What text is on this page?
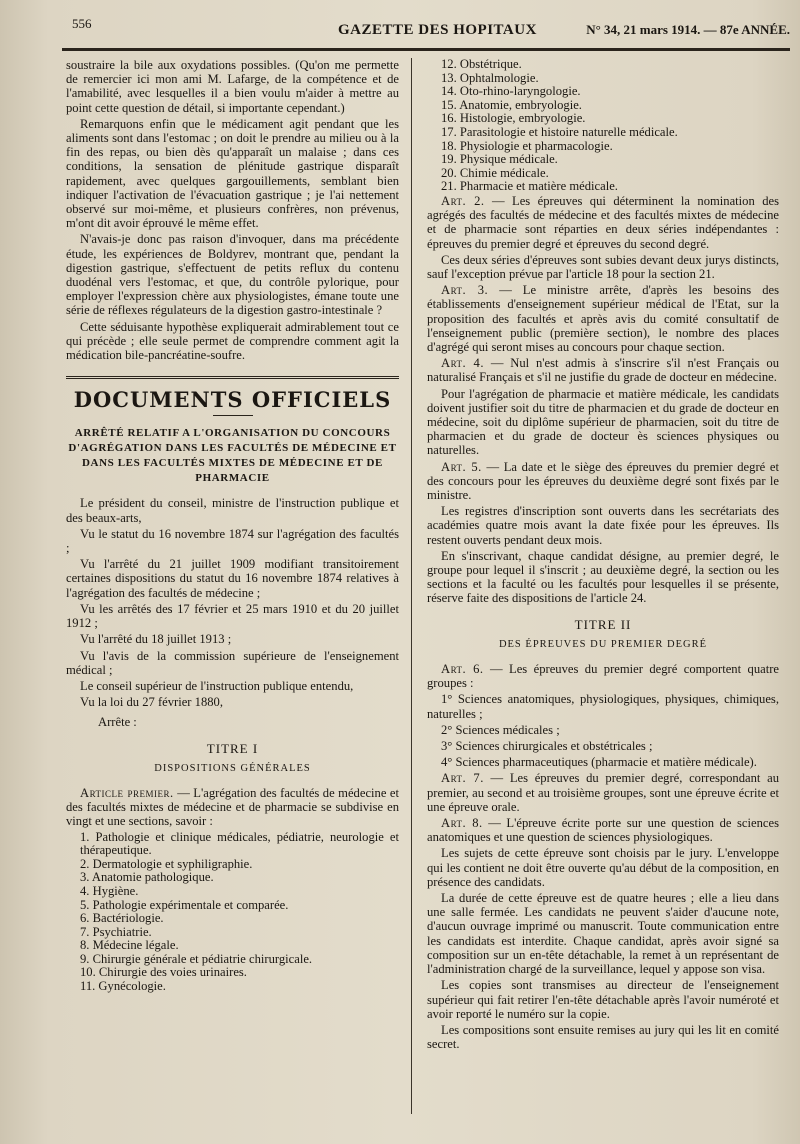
556	GAZETTE DES HOPITAUX	N° 34, 21 mars 1914. — 87e ANNÉE.

soustraire la bile aux oxydations possibles. (Qu'on me permette de remercier ici mon ami M. Lafarge, de la compétence et de l'amabilité, avec lesquelles il a bien voulu m'aider à mettre au point cette question de détail, si importante cependant.)

Remarquons enfin que le médicament agit pendant que les aliments sont dans l'estomac ; on doit le prendre au milieu ou à la fin des repas, ou bien dès qu'apparaît un malaise ; dans ces conditions, la sensation de plénitude gastrique disparaît rapidement, avec quelques gargouillements, semblant bien indiquer l'activation de l'évacuation gastrique ; je l'ai nettement observé sur moi-même, et plusieurs confrères, non prévenus, m'ont dit avoir éprouvé le même effet.

N'avais-je donc pas raison d'invoquer, dans ma précédente étude, les expériences de Boldyrev, montrant que, pendant la digestion gastrique, s'effectuent de petits reflux du contenu duodénal vers l'estomac, et que, du contrôle pylorique, pour employer l'expression chère aux physiologistes, émane toute une série de réflexes régulateurs de la digestion gastro-intestinale ?

Cette séduisante hypothèse expliquerait admirablement tout ce qui précède ; elle seule permet de comprendre comment agit la médication bile-pancréatine-soufre.

DOCUMENTS OFFICIELS
ARRÊTÉ RELATIF A L'ORGANISATION DU CONCOURS D'AGRÉGATION DANS LES FACULTÉS DE MÉDECINE ET DANS LES FACULTÉS MIXTES DE MÉDECINE ET DE PHARMACIE

Le président du conseil, ministre de l'instruction publique et des beaux-arts,

Vu le statut du 16 novembre 1874 sur l'agrégation des facultés ;

Vu l'arrêté du 21 juillet 1909 modifiant transitoirement certaines dispositions du statut du 16 novembre 1874 relatives à l'agrégation des facultés de médecine ;

Vu les arrêtés des 17 février et 25 mars 1910 et du 20 juillet 1912 ;

Vu l'arrêté du 18 juillet 1913 ;

Vu l'avis de la commission supérieure de l'enseignement médical ;

Le conseil supérieur de l'instruction publique entendu,

Vu la loi du 27 février 1880,

Arrête :
TITRE I
DISPOSITIONS GÉNÉRALES

Article premier. — L'agrégation des facultés de médecine et des facultés mixtes de médecine et de pharmacie se subdivise en vingt et une sections, savoir :

1. Pathologie et clinique médicales, pédiatrie, neurologie et thérapeutique.
2. Dermatologie et syphiligraphie.
3. Anatomie pathologique.
4. Hygiène.
5. Pathologie expérimentale et comparée.
6. Bactériologie.
7. Psychiatrie.
8. Médecine légale.
9. Chirurgie générale et pédiatrie chirurgicale.
10. Chirurgie des voies urinaires.
11. Gynécologie.
12. Obstétrique.
13. Ophtalmologie.
14. Oto-rhino-laryngologie.
15. Anatomie, embryologie.
16. Histologie, embryologie.
17. Parasitologie et histoire naturelle médicale.
18. Physiologie et pharmacologie.
19. Physique médicale.
20. Chimie médicale.
21. Pharmacie et matière médicale.

Art. 2. — Les épreuves qui déterminent la nomination des agrégés des facultés de médecine et des facultés mixtes de médecine et de pharmacie sont réparties en deux séries indépendantes : épreuves du premier degré et épreuves du second degré.

Ces deux séries d'épreuves sont subies devant deux jurys distincts, sauf l'exception prévue par l'article 18 pour la section 21.

Art. 3. — Le ministre arrête, d'après les besoins des établissements d'enseignement supérieur médical de l'Etat, sur la proposition des facultés et après avis du comité consultatif de l'enseignement public (première section), le nombre des places d'agrégé qui seront mises au concours pour chaque section.

Art. 4. — Nul n'est admis à s'inscrire s'il n'est Français ou naturalisé Français et s'il ne justifie du grade de docteur en médecine.

Pour l'agrégation de pharmacie et matière médicale, les candidats doivent justifier soit du titre de pharmacien et du grade de docteur en médecine, soit du diplôme supérieur de pharmacien, soit du titre de pharmacien et du grade de docteur ès sciences physiques ou naturelles.

Art. 5. — La date et le siège des épreuves du premier degré et des concours pour les épreuves du deuxième degré sont fixés par le ministre.

Les registres d'inscription sont ouverts dans les secrétariats des académies quatre mois avant la date fixée pour les épreuves. Ils restent ouverts pendant deux mois.

En s'inscrivant, chaque candidat désigne, au premier degré, le groupe pour lequel il s'inscrit ; au deuxième degré, la section ou les sections et la faculté ou les facultés pour lesquelles il se présente, réserve faite des dispositions de l'article 24.

TITRE II
DES ÉPREUVES DU PREMIER DEGRÉ

Art. 6. — Les épreuves du premier degré comportent quatre groupes :

1° Sciences anatomiques, physiologiques, physiques, chimiques, naturelles ;

2° Sciences médicales ;

3° Sciences chirurgicales et obstétricales ;

4° Sciences pharmaceutiques (pharmacie et matière médicale).

Art. 7. — Les épreuves du premier degré, correspondant au premier, au second et au troisième groupes, sont une épreuve écrite et une épreuve orale.

Art. 8. — L'épreuve écrite porte sur une question de sciences anatomiques et une question de sciences physiologiques.

Les sujets de cette épreuve sont choisis par le jury. L'enveloppe qui les contient ne doit être ouverte qu'au début de la composition, en présence des candidats.

La durée de cette épreuve est de quatre heures ; elle a lieu dans une salle fermée. Les candidats ne peuvent s'aider d'aucune note, d'aucun ouvrage imprimé ou manuscrit. Toute communication entre les candidats est interdite. Chaque candidat, après avoir signé sa composition sur un en-tête détachable, la remet à un représentant de l'administration chargé de la surveillance, lequel y appose son visa.

Les copies sont transmises au directeur de l'enseignement supérieur qui fait retirer l'en-tête détachable après l'avoir numéroté et avoir reporté le numéro sur la copie.

Les compositions sont ensuite remises au jury qui les lit en comité secret.
